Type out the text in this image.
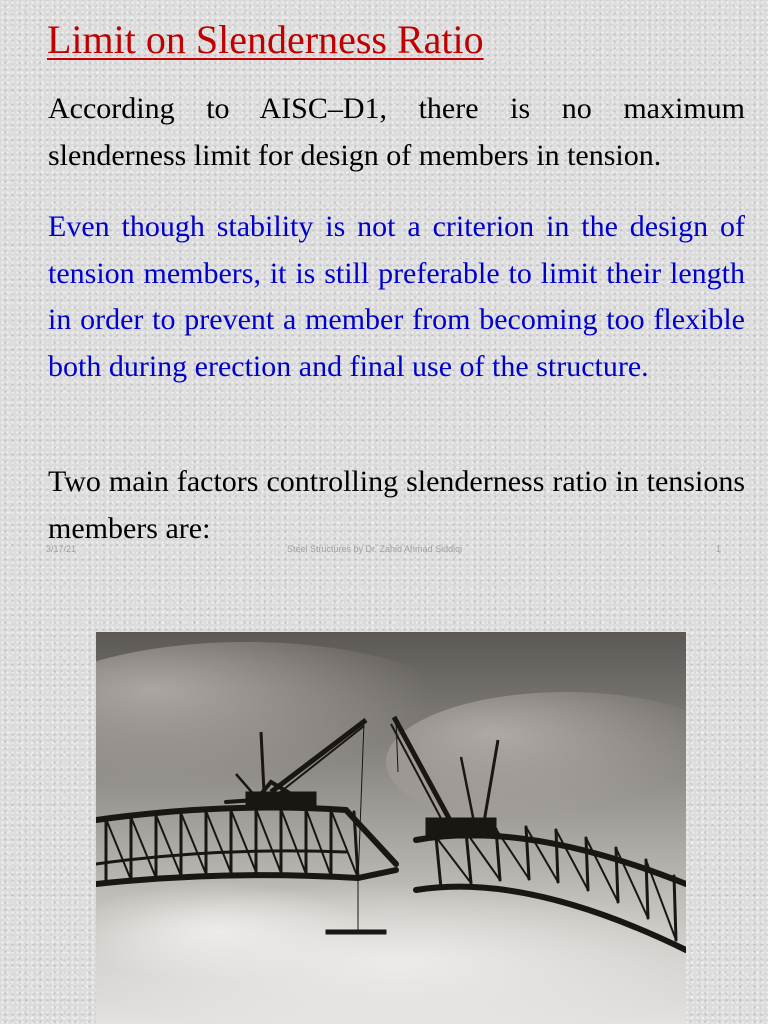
Limit on Slenderness Ratio

According to AISC–D1, there is no maximum slenderness limit for design of members in tension.

Even though stability is not a criterion in the design of tension members, it is still preferable to limit their length in order to prevent a member from becoming too flexible both during erection and final use of the structure.

Two main factors controlling slenderness ratio in tensions members are:

3/17/21	Steel Structures by Dr. Zahid Ahmad Siddiqi	1
